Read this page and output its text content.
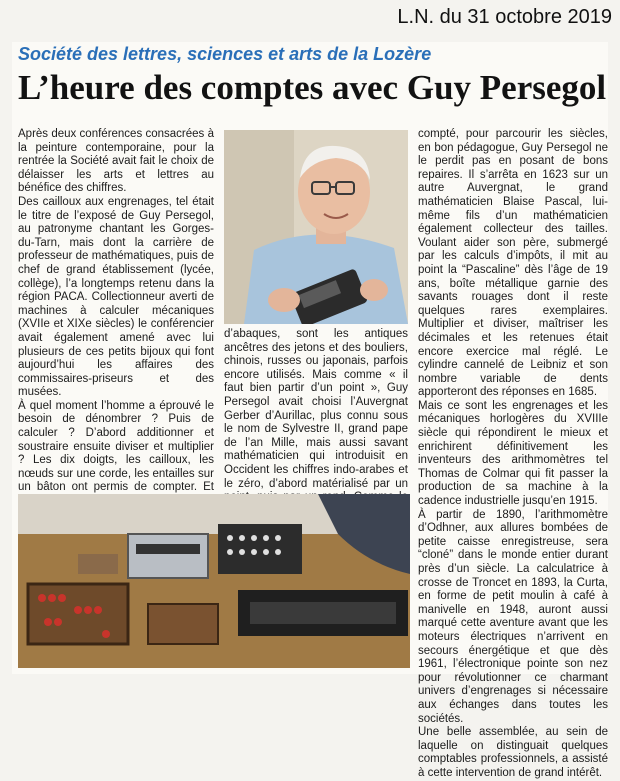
L.N. du 31 octobre 2019
Société des lettres, sciences et arts de la Lozère
L’heure des comptes avec Guy Persegol

Après deux conférences consacrées à la peinture contemporaine, pour la rentrée la Société avait fait le choix de délaisser les arts et lettres au bénéfice des chiffres.

Des cailloux aux engrenages, tel était le titre de l’exposé de Guy Persegol, au patronyme chantant les Gorges-du-Tarn, mais dont la carrière de professeur de mathématiques, puis de chef de grand établissement (lycée, collège), l’a longtemps retenu dans la région PACA. Collectionneur averti de machines à calculer mécaniques (XVIIe et XIXe siècles) le conférencier avait également amené avec lui plusieurs de ces petits bijoux qui font aujourd’hui les affaires des commissaires-priseurs et des musées.

À quel moment l’homme a éprouvé le besoin de dénombrer ? Puis de calculer ? D’abord additionner et soustraire ensuite diviser et multiplier ? Les dix doigts, les cailloux, les nœuds sur une corde, les entailles sur un bâton ont permis de compter. Et

d’abaques, sont les antiques ancêtres des jetons et des bouliers, chinois, russes ou japonais, parfois encore utilisés. Mais comme « il faut bien partir d’un point », Guy Persegol avait choisi l’Auvergnat Gerber d’Aurillac, plus connu sous le nom de Sylvestre II, grand pape de l’an Mille, mais aussi savant mathématicien qui introduisit en Occident les chiffres indo-arabes et le zéro, d’abord matérialisé par un

compté, pour parcourir les siècles, en bon pédagogue, Guy Persegol ne le perdit pas en posant de bons repaires. Il s’arrêta en 1623 sur un autre Auvergnat, le grand mathématicien Blaise Pascal, lui-même fils d’un mathématicien également collecteur des tailles. Voulant aider son père, submergé par les calculs d’impôts, il mit au point la “Pascaline” dès l’âge de 19 ans, boîte métallique garnie des savants rouages dont il reste quelques rares exemplaires. Multiplier et diviser, maîtriser les décimales et les retenues était encore exercice mal réglé. Le cylindre cannelé de Leibniz et son nombre variable de dents apporteront des réponses en 1685.

Mais ce sont les engrenages et les mécaniques horlogères du XVIIIe siècle qui répondirent le mieux et enrichirent définitivement les inventeurs des arithmomètres tel Thomas de Colmar qui fit passer la production de sa machine à la cadence industrielle jusqu’en 1915.

À partir de 1890, l’arithmomètre d’Odhner, aux allures bombées de petite caisse enregistreuse, sera “cloné” dans le monde entier durant près d’un siècle. La calculatrice à crosse de Troncet en 1893, la Curta, en forme de petit moulin à café à manivelle en 1948, auront aussi marqué cette aventure avant que les moteurs électriques n’arrivent en secours énergétique et que dès 1961, l’électronique pointe son nez pour révolutionner ce charmant univers d’engrenages si nécessaire aux échanges dans toutes les sociétés.

Une belle assemblée, au sein de laquelle on distinguait quelques comptables professionnels, a assisté à cette intervention de grand intérêt.
